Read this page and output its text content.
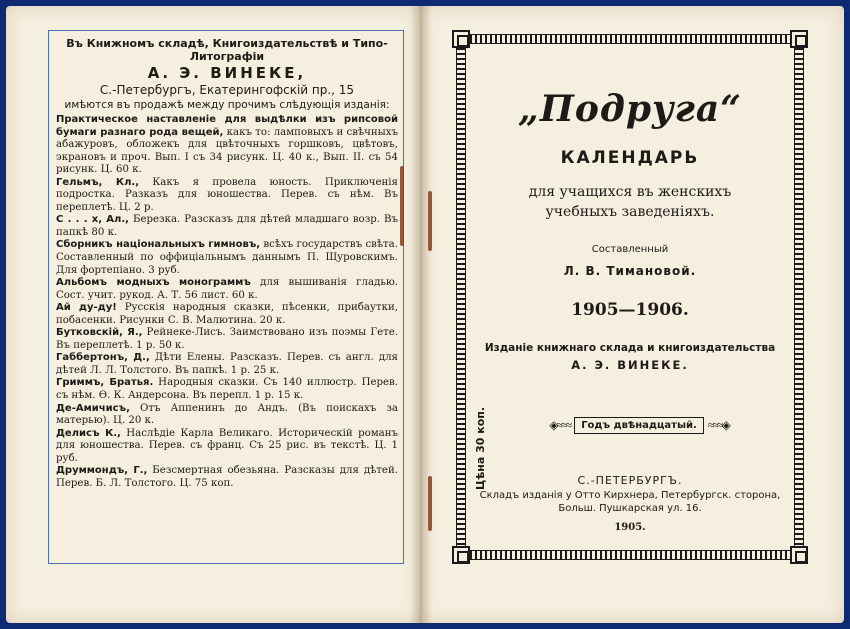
Въ Книжномъ складѣ, Книгоиздательствѣ и Типо-Литографіи
А. Э. ВИНЕКЕ,
С.-Петербургъ, Екатерингофскій пр., 15
имѣются въ продажѣ между прочимъ слѣдующія изданія:

Практическое наставленіе для выдѣлки изъ рипсовой бумаги разнаго рода вещей, какъ то: ламповыхъ и свѣчныхъ абажуровъ, обложекъ для цвѣточныхъ горшковъ, цвѣтовъ, экрановъ и проч. Вып. I съ 34 рисунк. Ц. 40 к., Вып. II. съ 54 рисунк. Ц. 60 к.

Гельмъ, Кл., Какъ я провела юность. Приключенія подростка. Разказъ для юношества. Перев. съ нѣм. Въ переплетѣ. Ц. 2 р.

С . . . х, Ал., Березка. Разсказъ для дѣтей младшаго возр. Въ папкѣ 80 к.

Сборникъ національныхъ гимновъ, всѣхъ государствъ свѣта. Составленный по оффиціальнымъ даннымъ П. Щуровскимъ. Для фортепіано. 3 руб.

Альбомъ модныхъ монограммъ для вышиванія гладью. Сост. учит. рукод. А. Т. 56 лист. 60 к.

Ай ду-ду! Русскія народныя сказки, пѣсенки, прибаутки, побасенки. Рисунки С. В. Малютина. 20 к.

Бутковскій, Я., Рейнеке-Лисъ. Заимствовано изъ поэмы Гете. Въ переплетѣ. 1 р. 50 к.

Габбертонъ, Д., Дѣти Елены. Разсказъ. Перев. съ англ. для дѣтей Л. Л. Толстого. Въ папкѣ. 1 р. 25 к.

Гриммъ, Братья. Народныя сказки. Съ 140 иллюстр. Перев. съ нѣм. Ѳ. К. Андерсона. Въ перепл. 1 р. 15 к.

Де-Амичисъ, Отъ Аппенинъ до Андъ. (Въ поискахъ за матерью). Ц. 20 к.

Делисъ К., Наслѣдіе Карла Великаго. Историческій романъ для юношества. Перев. съ франц. Съ 25 рис. въ текстѣ. Ц. 1 руб.

Друммондъ, Г., Безсмертная обезьяна. Разсказы для дѣтей. Перев. Б. Л. Толстого. Ц. 75 коп.

„Подруга“
КАЛЕНДАРЬ
для учащихся въ женскихъ учебныхъ заведеніяхъ.
Составленный
Л. В. Тимановой.
1905—1906.
Изданіе книжнаго склада и книгоиздательства
А. Э. ВИНЕКЕ.
Цѣна 30 коп.	◈≈≈≈	Годъ двѣнадцатый. ≈≈≈◈
С.-ПЕТЕРБУРГЪ.
Складъ изданія у Отто Кирхнера, Петербургск. сторона, Больш. Пушкарская ул. 16.
1905.
